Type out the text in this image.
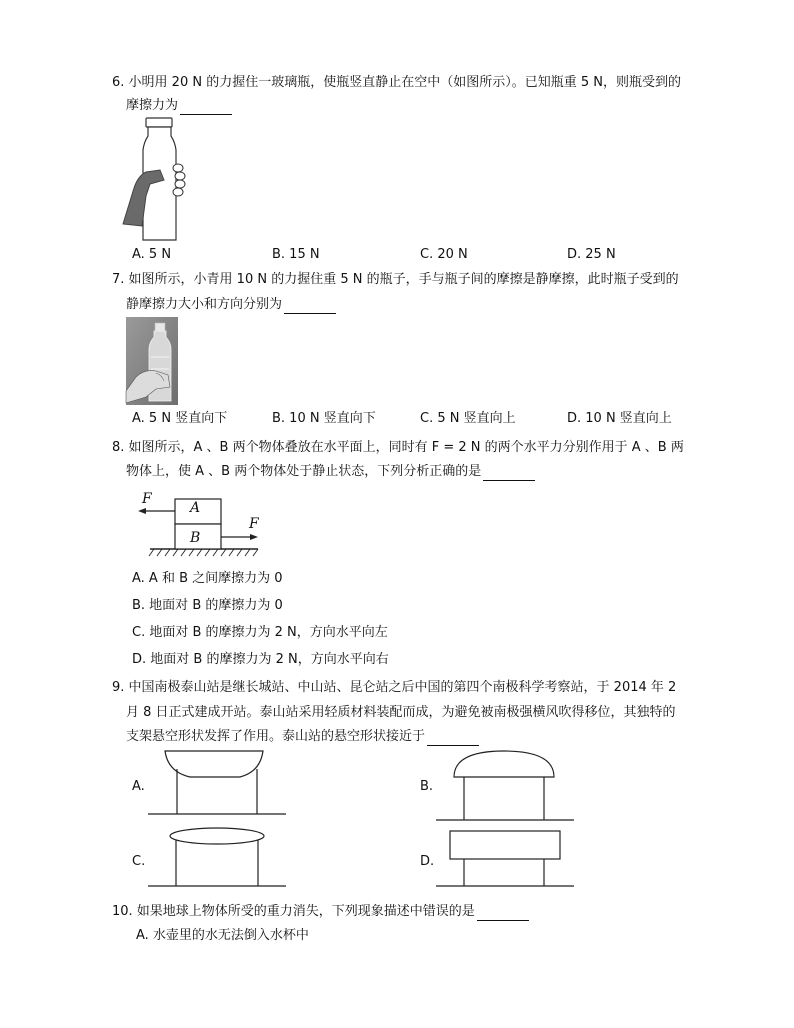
6. 小明用 20 N 的力握住一玻璃瓶，使瓶竖直静止在空中（如图所示）。已知瓶重 5 N，则瓶受到的
摩擦力为
A. 5 N	B. 15 N	C. 20 N	D. 25 N
7. 如图所示，小青用 10 N 的力握住重 5 N 的瓶子，手与瓶子间的摩擦是静摩擦，此时瓶子受到的
静摩擦力大小和方向分别为
A. 5 N 竖直向下	B. 10 N 竖直向下	C. 5 N 竖直向上	D. 10 N 竖直向上
8. 如图所示，A 、B 两个物体叠放在水平面上，同时有 F = 2 N 的两个水平力分别作用于 A 、B 两
物体上，使 A 、B 两个物体处于静止状态，下列分析正确的是
A
B
F
F
A. A 和 B 之间摩擦力为 0
B. 地面对 B 的摩擦力为 0
C. 地面对 B 的摩擦力为 2 N，方向水平向左
D. 地面对 B 的摩擦力为 2 N，方向水平向右
9. 中国南极泰山站是继长城站、中山站、昆仑站之后中国的第四个南极科学考察站，于 2014 年 2
月 8 日正式建成开站。泰山站采用轻质材料装配而成，为避免被南极强横风吹得移位，其独特的
支架悬空形状发挥了作用。泰山站的悬空形状接近于
A.	B.
C.	D.
10. 如果地球上物体所受的重力消失，下列现象描述中错误的是
A. 水壶里的水无法倒入水杯中
